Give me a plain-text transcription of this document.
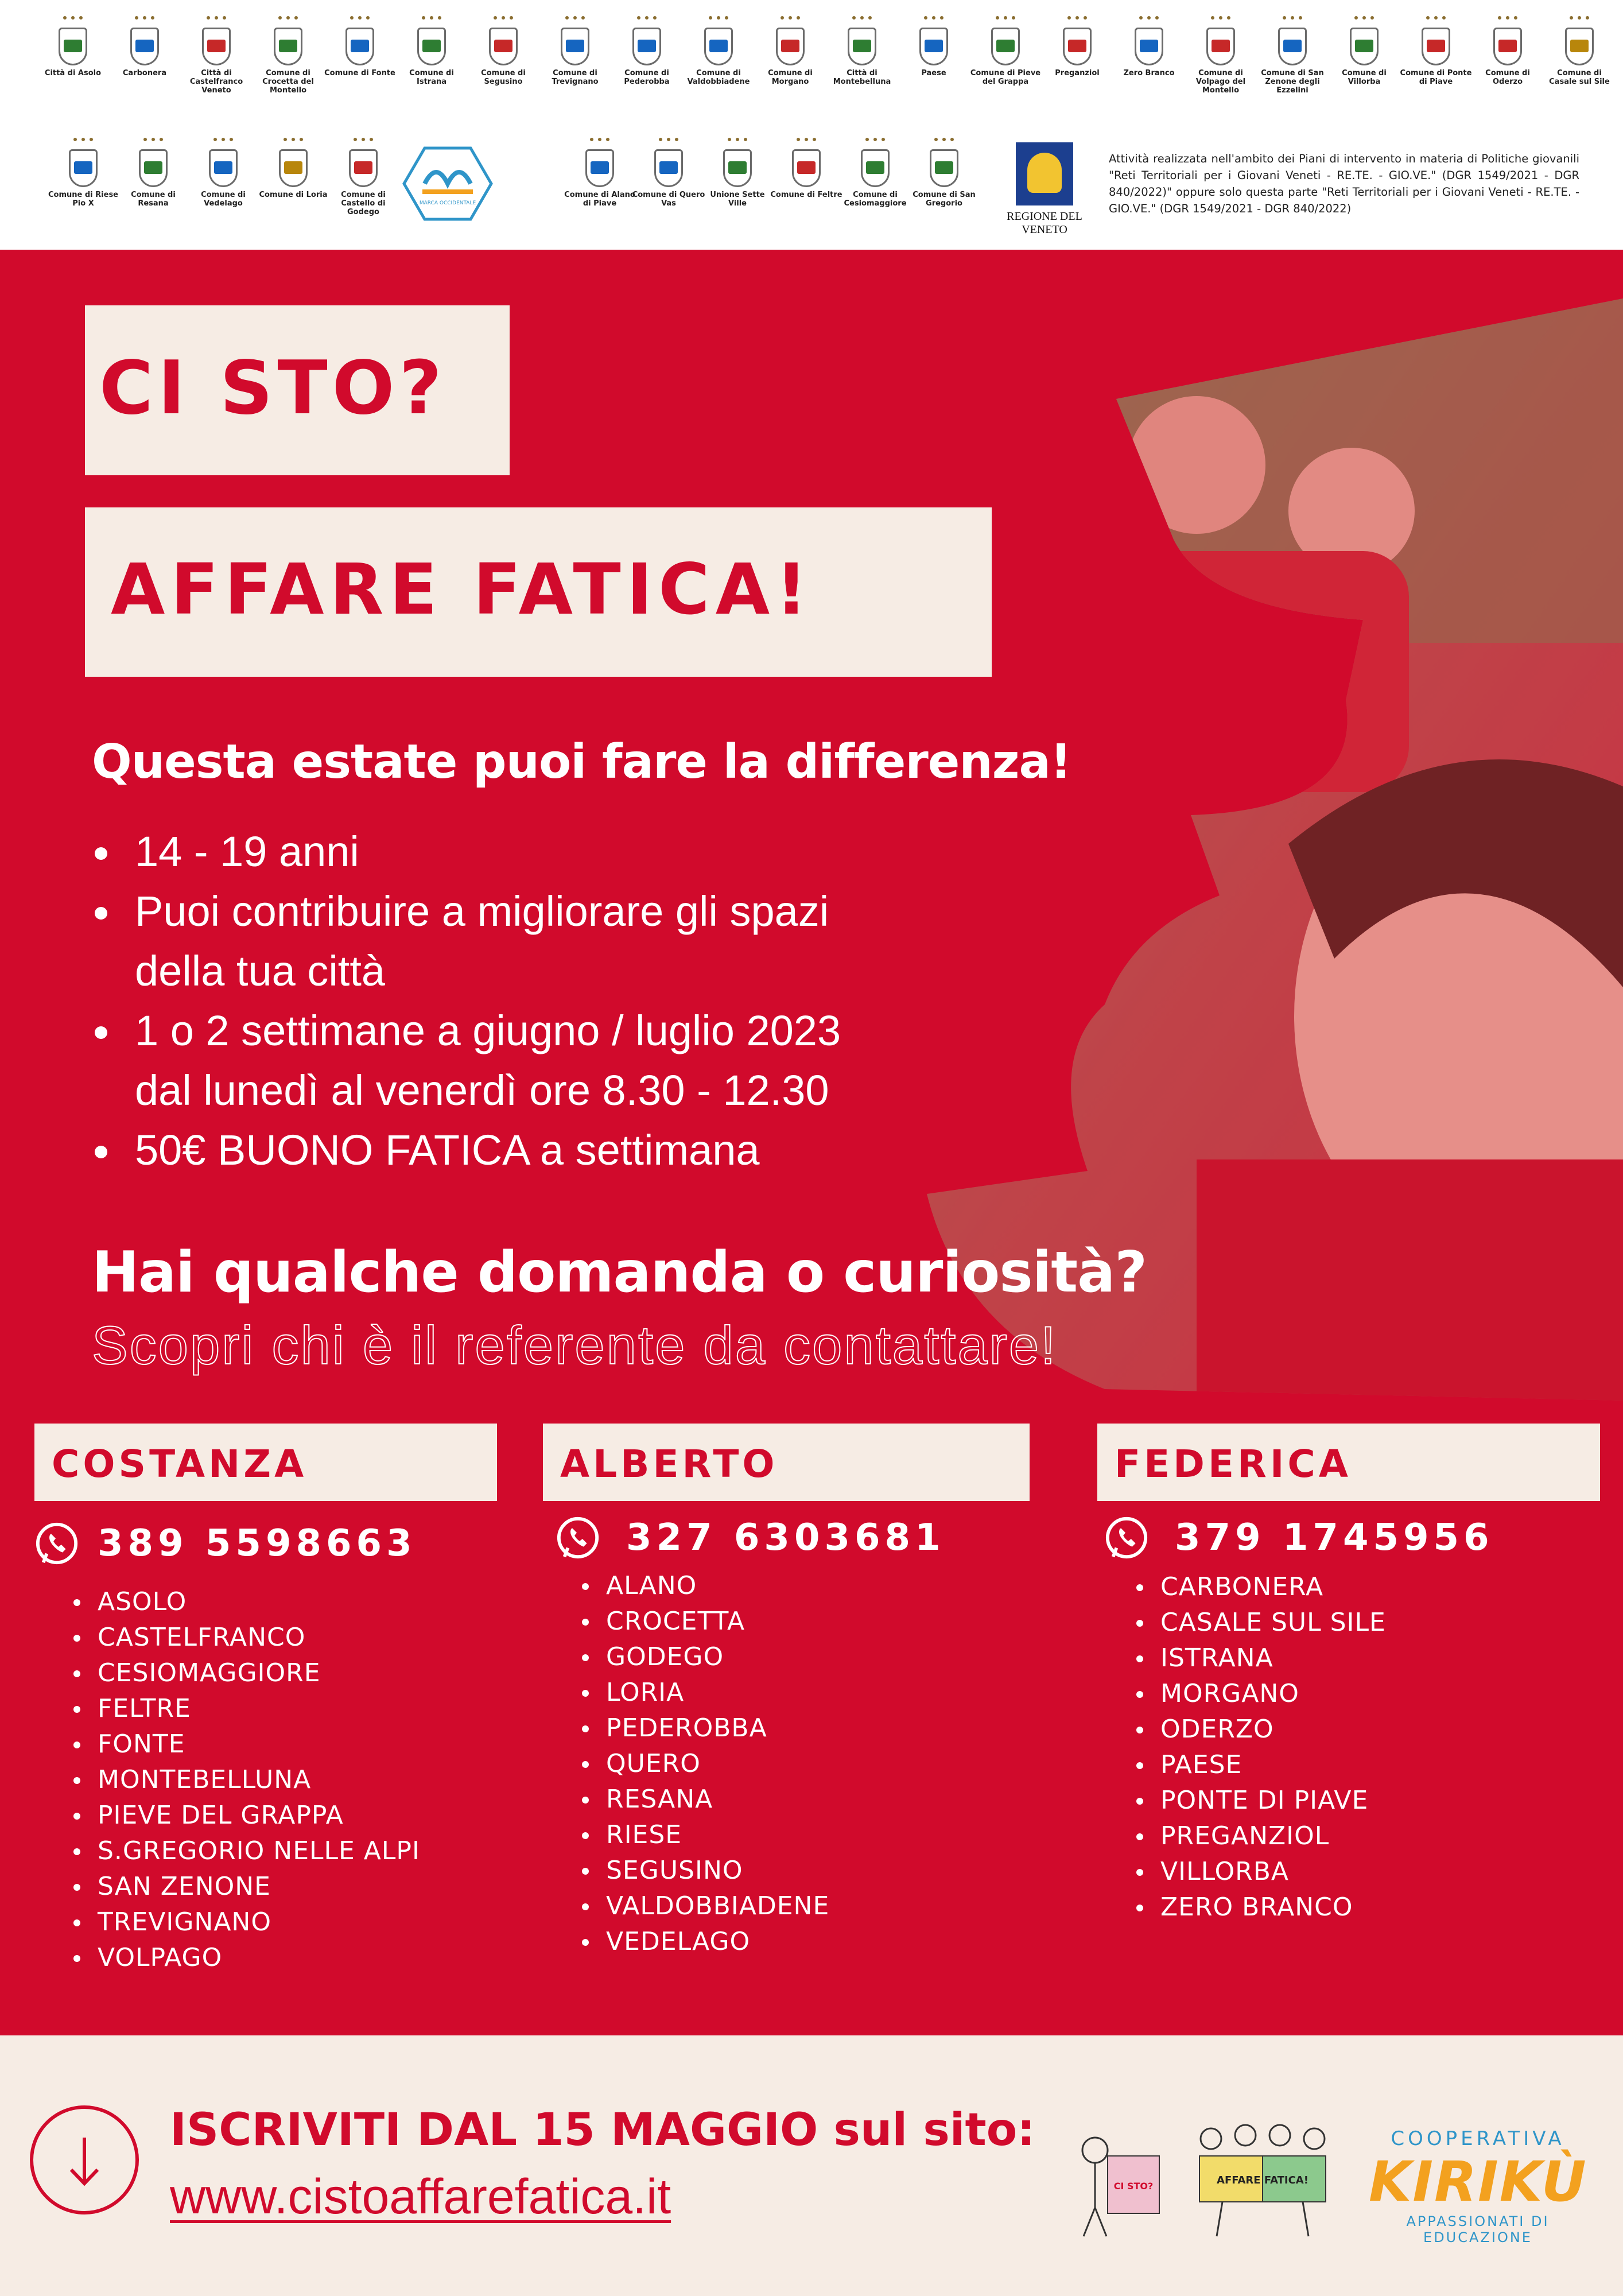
Città di Asolo	Carbonera	Città di Castelfranco Veneto
Comune di Crocetta del Montello
Comune di Fonte	Comune di Istrana
Comune di Segusino
Comune di Trevignano
Comune di Pederobba
Comune di Valdobbiadene
Comune di Morgano
Città di Montebelluna
Paese	Comune di Pieve del Grappa
Preganziol	Zero Branco	Comune di Volpago del Montello
Comune di San Zenone degli Ezzelini
Comune di Villorba
Comune di Ponte di Piave
Comune di Oderzo
Comune di Casale sul Sile
Comune di Riese Pio X
Comune di Resana
Comune di Vedelago
Comune di Loria	Comune di Castello di Godego
Comune di Alano di Piave
Comune di Quero Vas
Unione Sette Ville
Comune di Feltre	Comune di Cesiomaggiore
Comune di San Gregorio
MARCA OCCIDENTALE
REGIONE DEL VENETO
Attività realizzata nell'ambito dei Piani di intervento in materia di Politiche giovanili "Reti Territoriali per i Giovani Veneti - RE.TE. - GIO.VE." (DGR 1549/2021 - DGR 840/2022)" oppure solo questa parte "Reti Territoriali per i Giovani Veneti - RE.TE. - GIO.VE." (DGR 1549/2021 - DGR 840/2022)
CI STO?
AFFARE FATICA!
Questa estate puoi fare la differenza!
14 - 19 anni
Puoi contribuire a migliorare gli spazi
della tua città
1 o 2 settimane a giugno / luglio 2023
dal lunedì al venerdì ore 8.30 - 12.30
50€ BUONO FATICA a settimana
Hai qualche domanda o curiosità?
Scopri chi è il referente da contattare!
COSTANZA
389 5598663
ASOLO
CASTELFRANCO
CESIOMAGGIORE
FELTRE
FONTE
MONTEBELLUNA
PIEVE DEL GRAPPA
S.GREGORIO NELLE ALPI
SAN ZENONE
TREVIGNANO
VOLPAGO
ALBERTO
327 6303681
ALANO
CROCETTA
GODEGO
LORIA
PEDEROBBA
QUERO
RESANA
RIESE
SEGUSINO
VALDOBBIADENE
VEDELAGO
FEDERICA
379 1745956
CARBONERA
CASALE SUL SILE
ISTRANA
MORGANO
ODERZO
PAESE
PONTE DI PIAVE
PREGANZIOL
VILLORBA
ZERO BRANCO
ISCRIVITI DAL 15 MAGGIO sul sito:
www.cistoaffarefatica.it	CI STO?	AFFARE FATICA!
COOPERATIVA
KIRIKÙ
APPASSIONATI DI EDUCAZIONE
